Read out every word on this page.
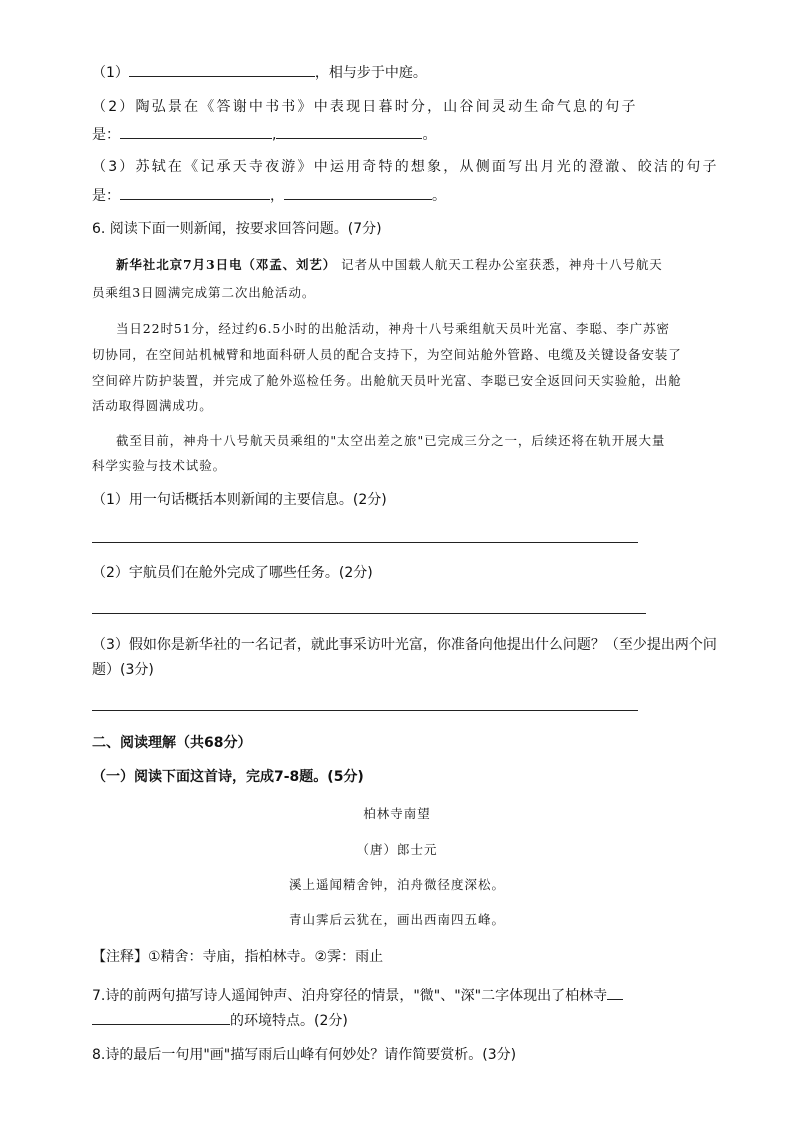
（1）	，相与步于中庭。
（2）陶弘景在《答谢中书书》中表现日暮时分，山谷间灵动生命气息的句子
是：	,	。
（3）苏轼在《记承天寺夜游》中运用奇特的想象，从侧面写出月光的澄澈、皎洁的句子
是：	，	。
6. 阅读下面一则新闻，按要求回答问题。(7分)
新华社北京7月3日电（邓孟、刘艺） 记者从中国载人航天工程办公室获悉，神舟十八号航天
员乘组3日圆满完成第二次出舱活动。
当日22时51分，经过约6.5小时的出舱活动，神舟十八号乘组航天员叶光富、李聪、李广苏密
切协同，在空间站机械臂和地面科研人员的配合支持下，为空间站舱外管路、电缆及关键设备安装了
空间碎片防护装置，并完成了舱外巡检任务。出舱航天员叶光富、李聪已安全返回问天实验舱，出舱
活动取得圆满成功。
截至目前，神舟十八号航天员乘组的"太空出差之旅"已完成三分之一，后续还将在轨开展大量
科学实验与技术试验。
（1）用一句话概括本则新闻的主要信息。(2分)
（2）宇航员们在舱外完成了哪些任务。(2分)
（3）假如你是新华社的一名记者，就此事采访叶光富，你准备向他提出什么问题？（至少提出两个问
题）(3分)
二、阅读理解（共68分）
（一）阅读下面这首诗，完成7-8题。(5分)
柏林寺南望
（唐）郎士元
溪上遥闻精舍钟，泊舟微径度深松。
青山霁后云犹在，画出西南四五峰。
【注释】①精舍：寺庙，指柏林寺。②霁：雨止
7.诗的前两句描写诗人遥闻钟声、泊舟穿径的情景，"微"、"深"二字体现出了柏林寺
的环境特点。(2分)
8.诗的最后一句用"画"描写雨后山峰有何妙处？请作简要赏析。(3分)
